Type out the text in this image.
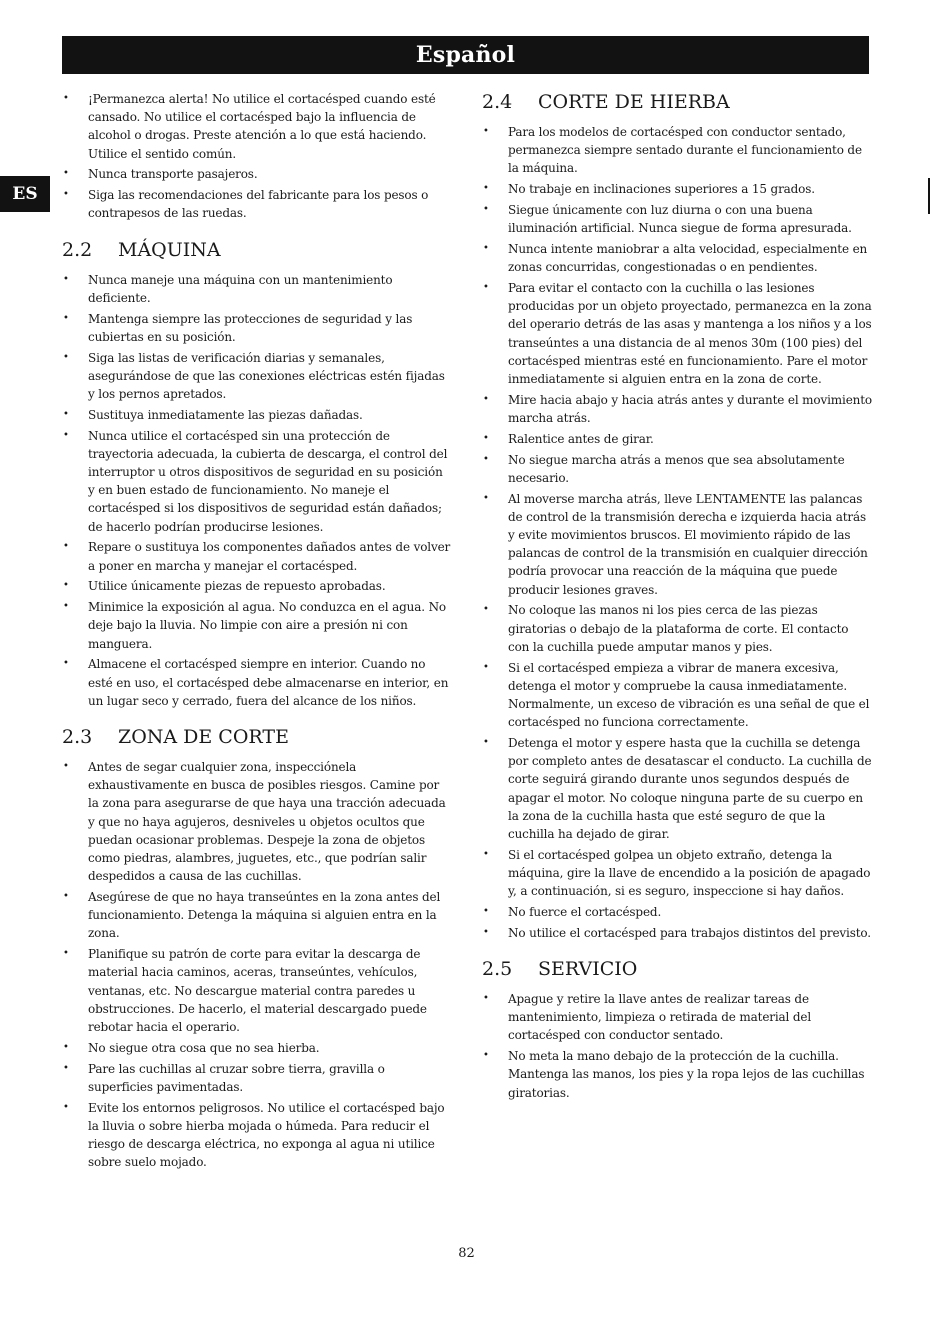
Español
ES
• ¡Permanezca alerta! No utilice el cortacésped cuando esté cansado. No utilice el cortacésped bajo la influencia de alcohol o drogas. Preste atención a lo que está haciendo. Utilice el sentido común.
• Nunca transporte pasajeros.
• Siga las recomendaciones del fabricante para los pesos o contrapesos de las ruedas.
2.2	MÁQUINA
• Nunca maneje una máquina con un mantenimiento deficiente.
• Mantenga siempre las protecciones de seguridad y las cubiertas en su posición.
• Siga las listas de verificación diarias y semanales, asegurándose de que las conexiones eléctricas estén fijadas y los pernos apretados.
• Sustituya inmediatamente las piezas dañadas.
• Nunca utilice el cortacésped sin una protección de trayectoria adecuada, la cubierta de descarga, el control del interruptor u otros dispositivos de seguridad en su posición y en buen estado de funcionamiento. No maneje el cortacésped si los dispositivos de seguridad están dañados; de hacerlo podrían producirse lesiones.
• Repare o sustituya los componentes dañados antes de volver a poner en marcha y manejar el cortacésped.
• Utilice únicamente piezas de repuesto aprobadas.
• Minimice la exposición al agua. No conduzca en el agua. No deje bajo la lluvia. No limpie con aire a presión ni con manguera.
• Almacene el cortacésped siempre en interior. Cuando no esté en uso, el cortacésped debe almacenarse en interior, en un lugar seco y cerrado, fuera del alcance de los niños.
2.3	ZONA DE CORTE
• Antes de segar cualquier zona, inspecciónela exhaustivamente en busca de posibles riesgos. Camine por la zona para asegurarse de que haya una tracción adecuada y que no haya agujeros, desniveles u objetos ocultos que puedan ocasionar problemas. Despeje la zona de objetos como piedras, alambres, juguetes, etc., que podrían salir despedidos a causa de las cuchillas.
• Asegúrese de que no haya transeúntes en la zona antes del funcionamiento. Detenga la máquina si alguien entra en la zona.
• Planifique su patrón de corte para evitar la descarga de material hacia caminos, aceras, transeúntes, vehículos, ventanas, etc. No descargue material contra paredes u obstrucciones. De hacerlo, el material descargado puede rebotar hacia el operario.
• No siegue otra cosa que no sea hierba.
• Pare las cuchillas al cruzar sobre tierra, gravilla o superficies pavimentadas.
• Evite los entornos peligrosos. No utilice el cortacésped bajo la lluvia o sobre hierba mojada o húmeda. Para reducir el riesgo de descarga eléctrica, no exponga al agua ni utilice sobre suelo mojado.
2.4	CORTE DE HIERBA
• Para los modelos de cortacésped con conductor sentado, permanezca siempre sentado durante el funcionamiento de la máquina.
• No trabaje en inclinaciones superiores a 15 grados.
• Siegue únicamente con luz diurna o con una buena iluminación artificial. Nunca siegue de forma apresurada.
• Nunca intente maniobrar a alta velocidad, especialmente en zonas concurridas, congestionadas o en pendientes.
• Para evitar el contacto con la cuchilla o las lesiones producidas por un objeto proyectado, permanezca en la zona del operario detrás de las asas y mantenga a los niños y a los transeúntes a una distancia de al menos 30m (100 pies) del cortacésped mientras esté en funcionamiento. Pare el motor inmediatamente si alguien entra en la zona de corte.
• Mire hacia abajo y hacia atrás antes y durante el movimiento marcha atrás.
• Ralentice antes de girar.
• No siegue marcha atrás a menos que sea absolutamente necesario.
• Al moverse marcha atrás, lleve LENTAMENTE las palancas de control de la transmisión derecha e izquierda hacia atrás y evite movimientos bruscos. El movimiento rápido de las palancas de control de la transmisión en cualquier dirección podría provocar una reacción de la máquina que puede producir lesiones graves.
• No coloque las manos ni los pies cerca de las piezas giratorias o debajo de la plataforma de corte. El contacto con la cuchilla puede amputar manos y pies.
• Si el cortacésped empieza a vibrar de manera excesiva, detenga el motor y compruebe la causa inmediatamente. Normalmente, un exceso de vibración es una señal de que el cortacésped no funciona correctamente.
• Detenga el motor y espere hasta que la cuchilla se detenga por completo antes de desatascar el conducto. La cuchilla de corte seguirá girando durante unos segundos después de apagar el motor. No coloque ninguna parte de su cuerpo en la zona de la cuchilla hasta que esté seguro de que la cuchilla ha dejado de girar.
• Si el cortacésped golpea un objeto extraño, detenga la máquina, gire la llave de encendido a la posición de apagado y, a continuación, si es seguro, inspeccione si hay daños.
• No fuerce el cortacésped.
• No utilice el cortacésped para trabajos distintos del previsto.
2.5	SERVICIO
• Apague y retire la llave antes de realizar tareas de mantenimiento, limpieza o retirada de material del cortacésped con conductor sentado.
• No meta la mano debajo de la protección de la cuchilla. Mantenga las manos, los pies y la ropa lejos de las cuchillas giratorias.
82
